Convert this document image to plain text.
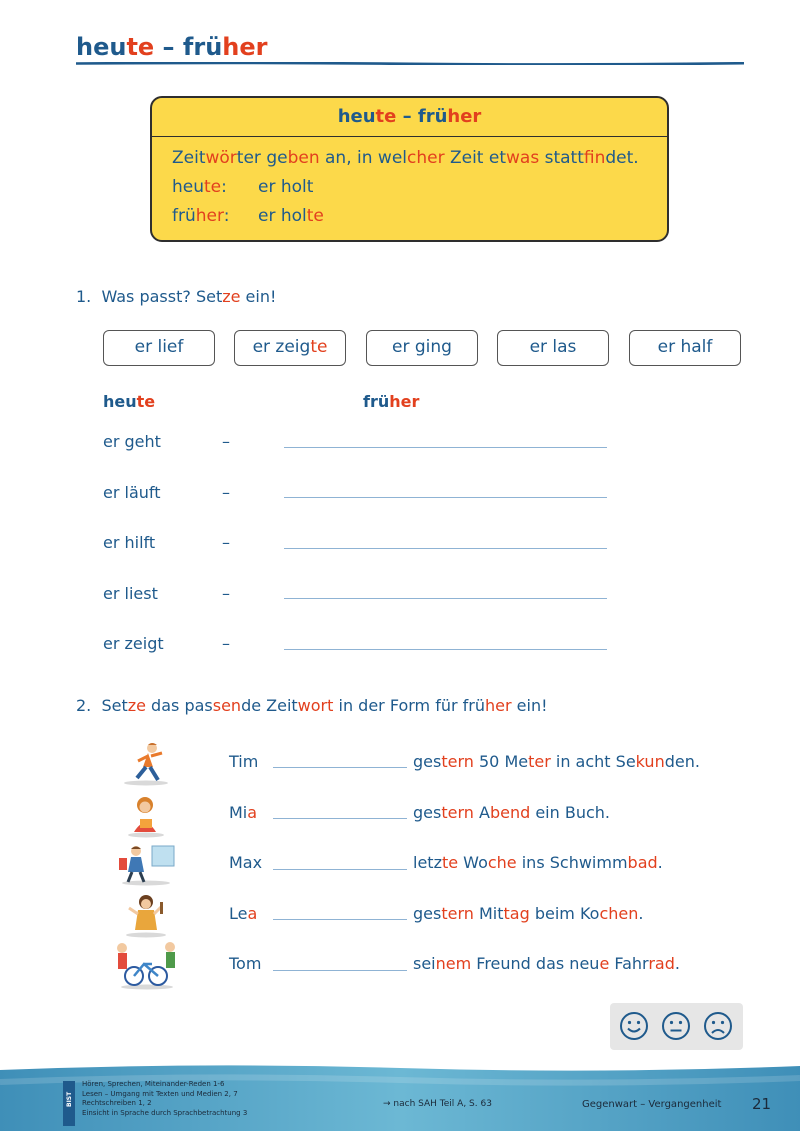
heute – früher
heute – früher
Zeitwörter geben an, in welcher Zeit etwas stattfindet.
heute: er holt
früher: er holte
1. Was passt? Setze ein!
er lief	er zeigte	er ging	er las	er half
heute	früher
er geht	–
er läuft	–
er hilft	–
er liest	–
er zeigt	–
2. Setze das passende Zeitwort in der Form für früher ein!
Tim	gestern 50 Meter in acht Sekunden.
Mia	gestern Abend ein Buch.
Max	letzte Woche ins Schwimmbad.
Lea	gestern Mittag beim Kochen.
Tom	seinem Freund das neue Fahrrad.
BIST
Hören, Sprechen, Miteinander-Reden 1-6
Lesen – Umgang mit Texten und Medien 2, 7
Rechtschreiben 1, 2
Einsicht in Sprache durch Sprachbetrachtung 3
→ nach SAH Teil A, S. 63	Gegenwart – Vergangenheit 21
